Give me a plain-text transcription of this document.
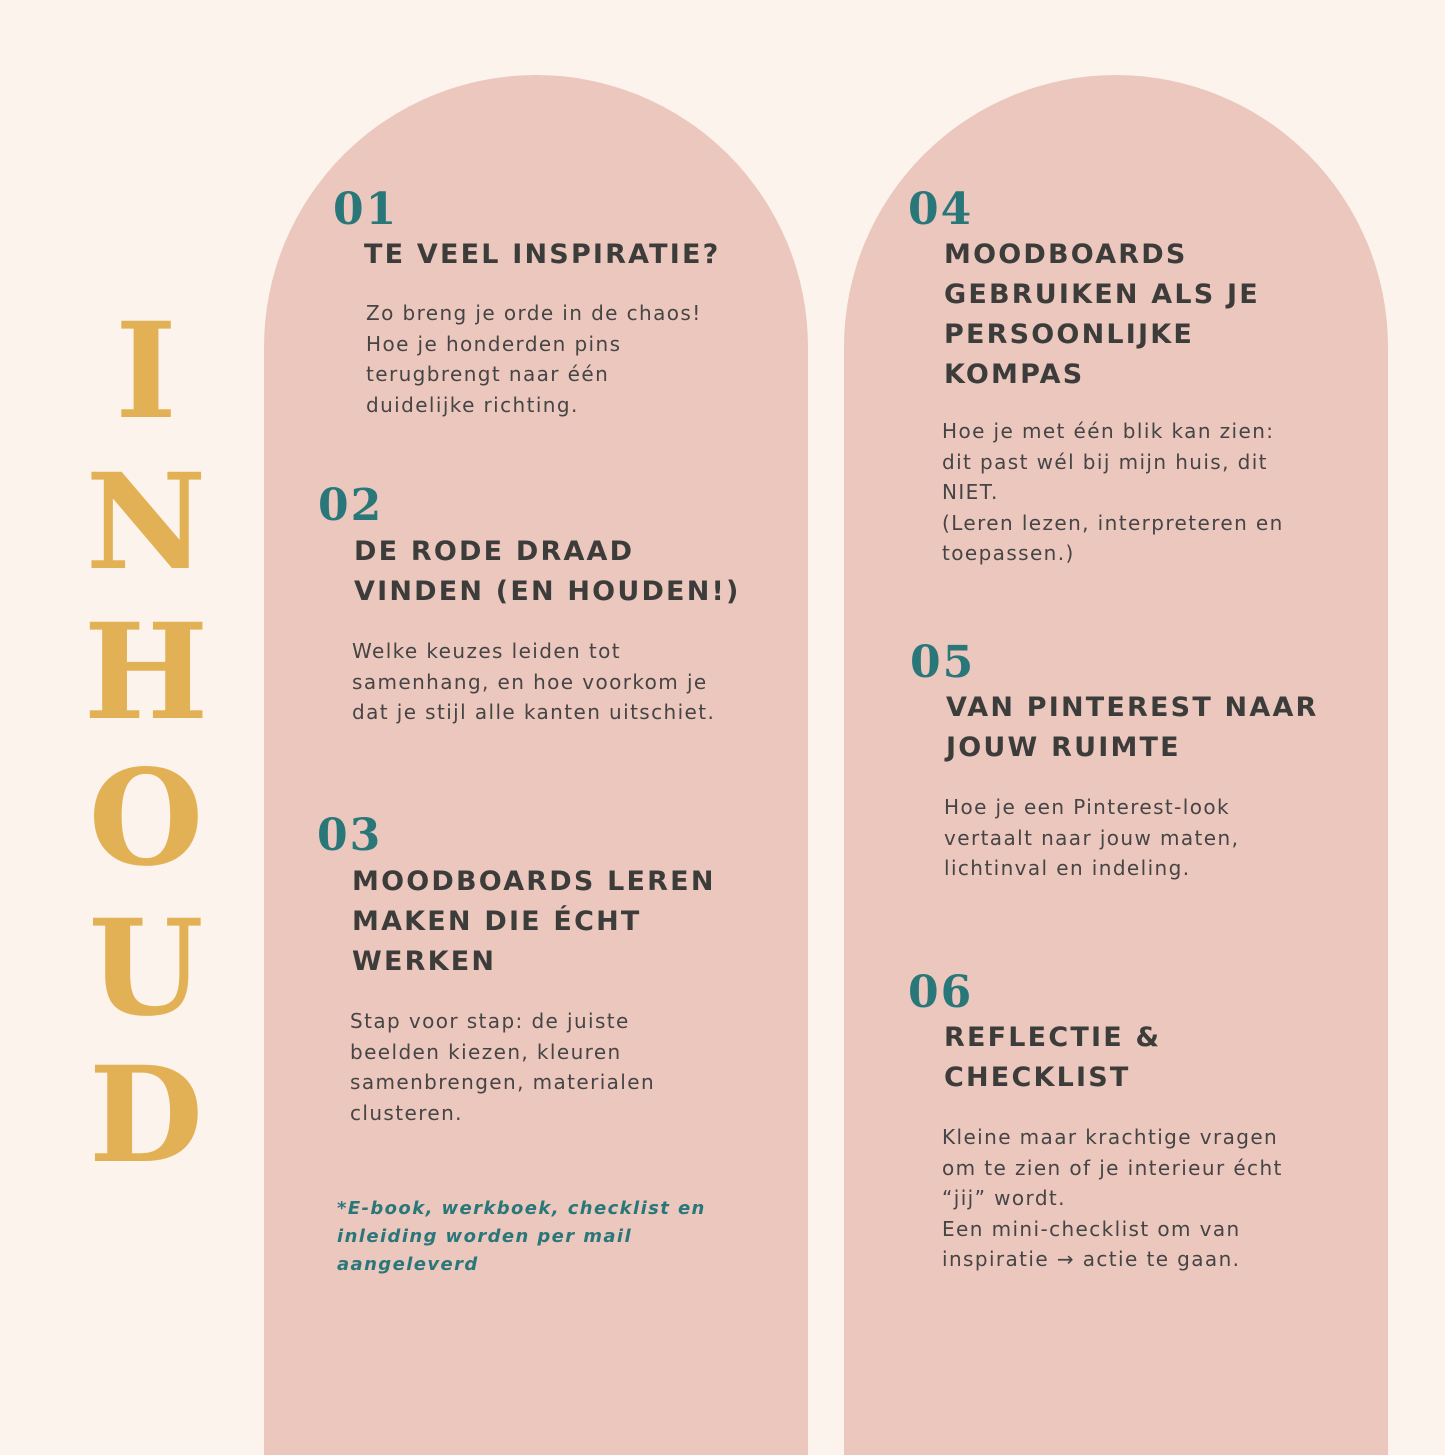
I
N
H
O
U
D
01
TE VEEL INSPIRATIE?
Zo breng je orde in de chaos!
Hoe je honderden pins
terugbrengt naar één
duidelijke richting.
02
DE RODE DRAAD
VINDEN (EN HOUDEN!)
Welke keuzes leiden tot
samenhang, en hoe voorkom je
dat je stijl alle kanten uitschiet.
03
MOODBOARDS LEREN
MAKEN DIE ÉCHT
WERKEN
Stap voor stap: de juiste
beelden kiezen, kleuren
samenbrengen, materialen
clusteren.
*E-book, werkboek, checklist en
inleiding worden per mail
aangeleverd
04
MOODBOARDS
GEBRUIKEN ALS JE
PERSOONLIJKE
KOMPAS
Hoe je met één blik kan zien:
dit past wél bij mijn huis, dit
NIET.
(Leren lezen, interpreteren en
toepassen.)
05
VAN PINTEREST NAAR
JOUW RUIMTE
Hoe je een Pinterest-look
vertaalt naar jouw maten,
lichtinval en indeling.
06
REFLECTIE &
CHECKLIST
Kleine maar krachtige vragen
om te zien of je interieur écht
“jij” wordt.
Een mini-checklist om van
inspiratie → actie te gaan.
